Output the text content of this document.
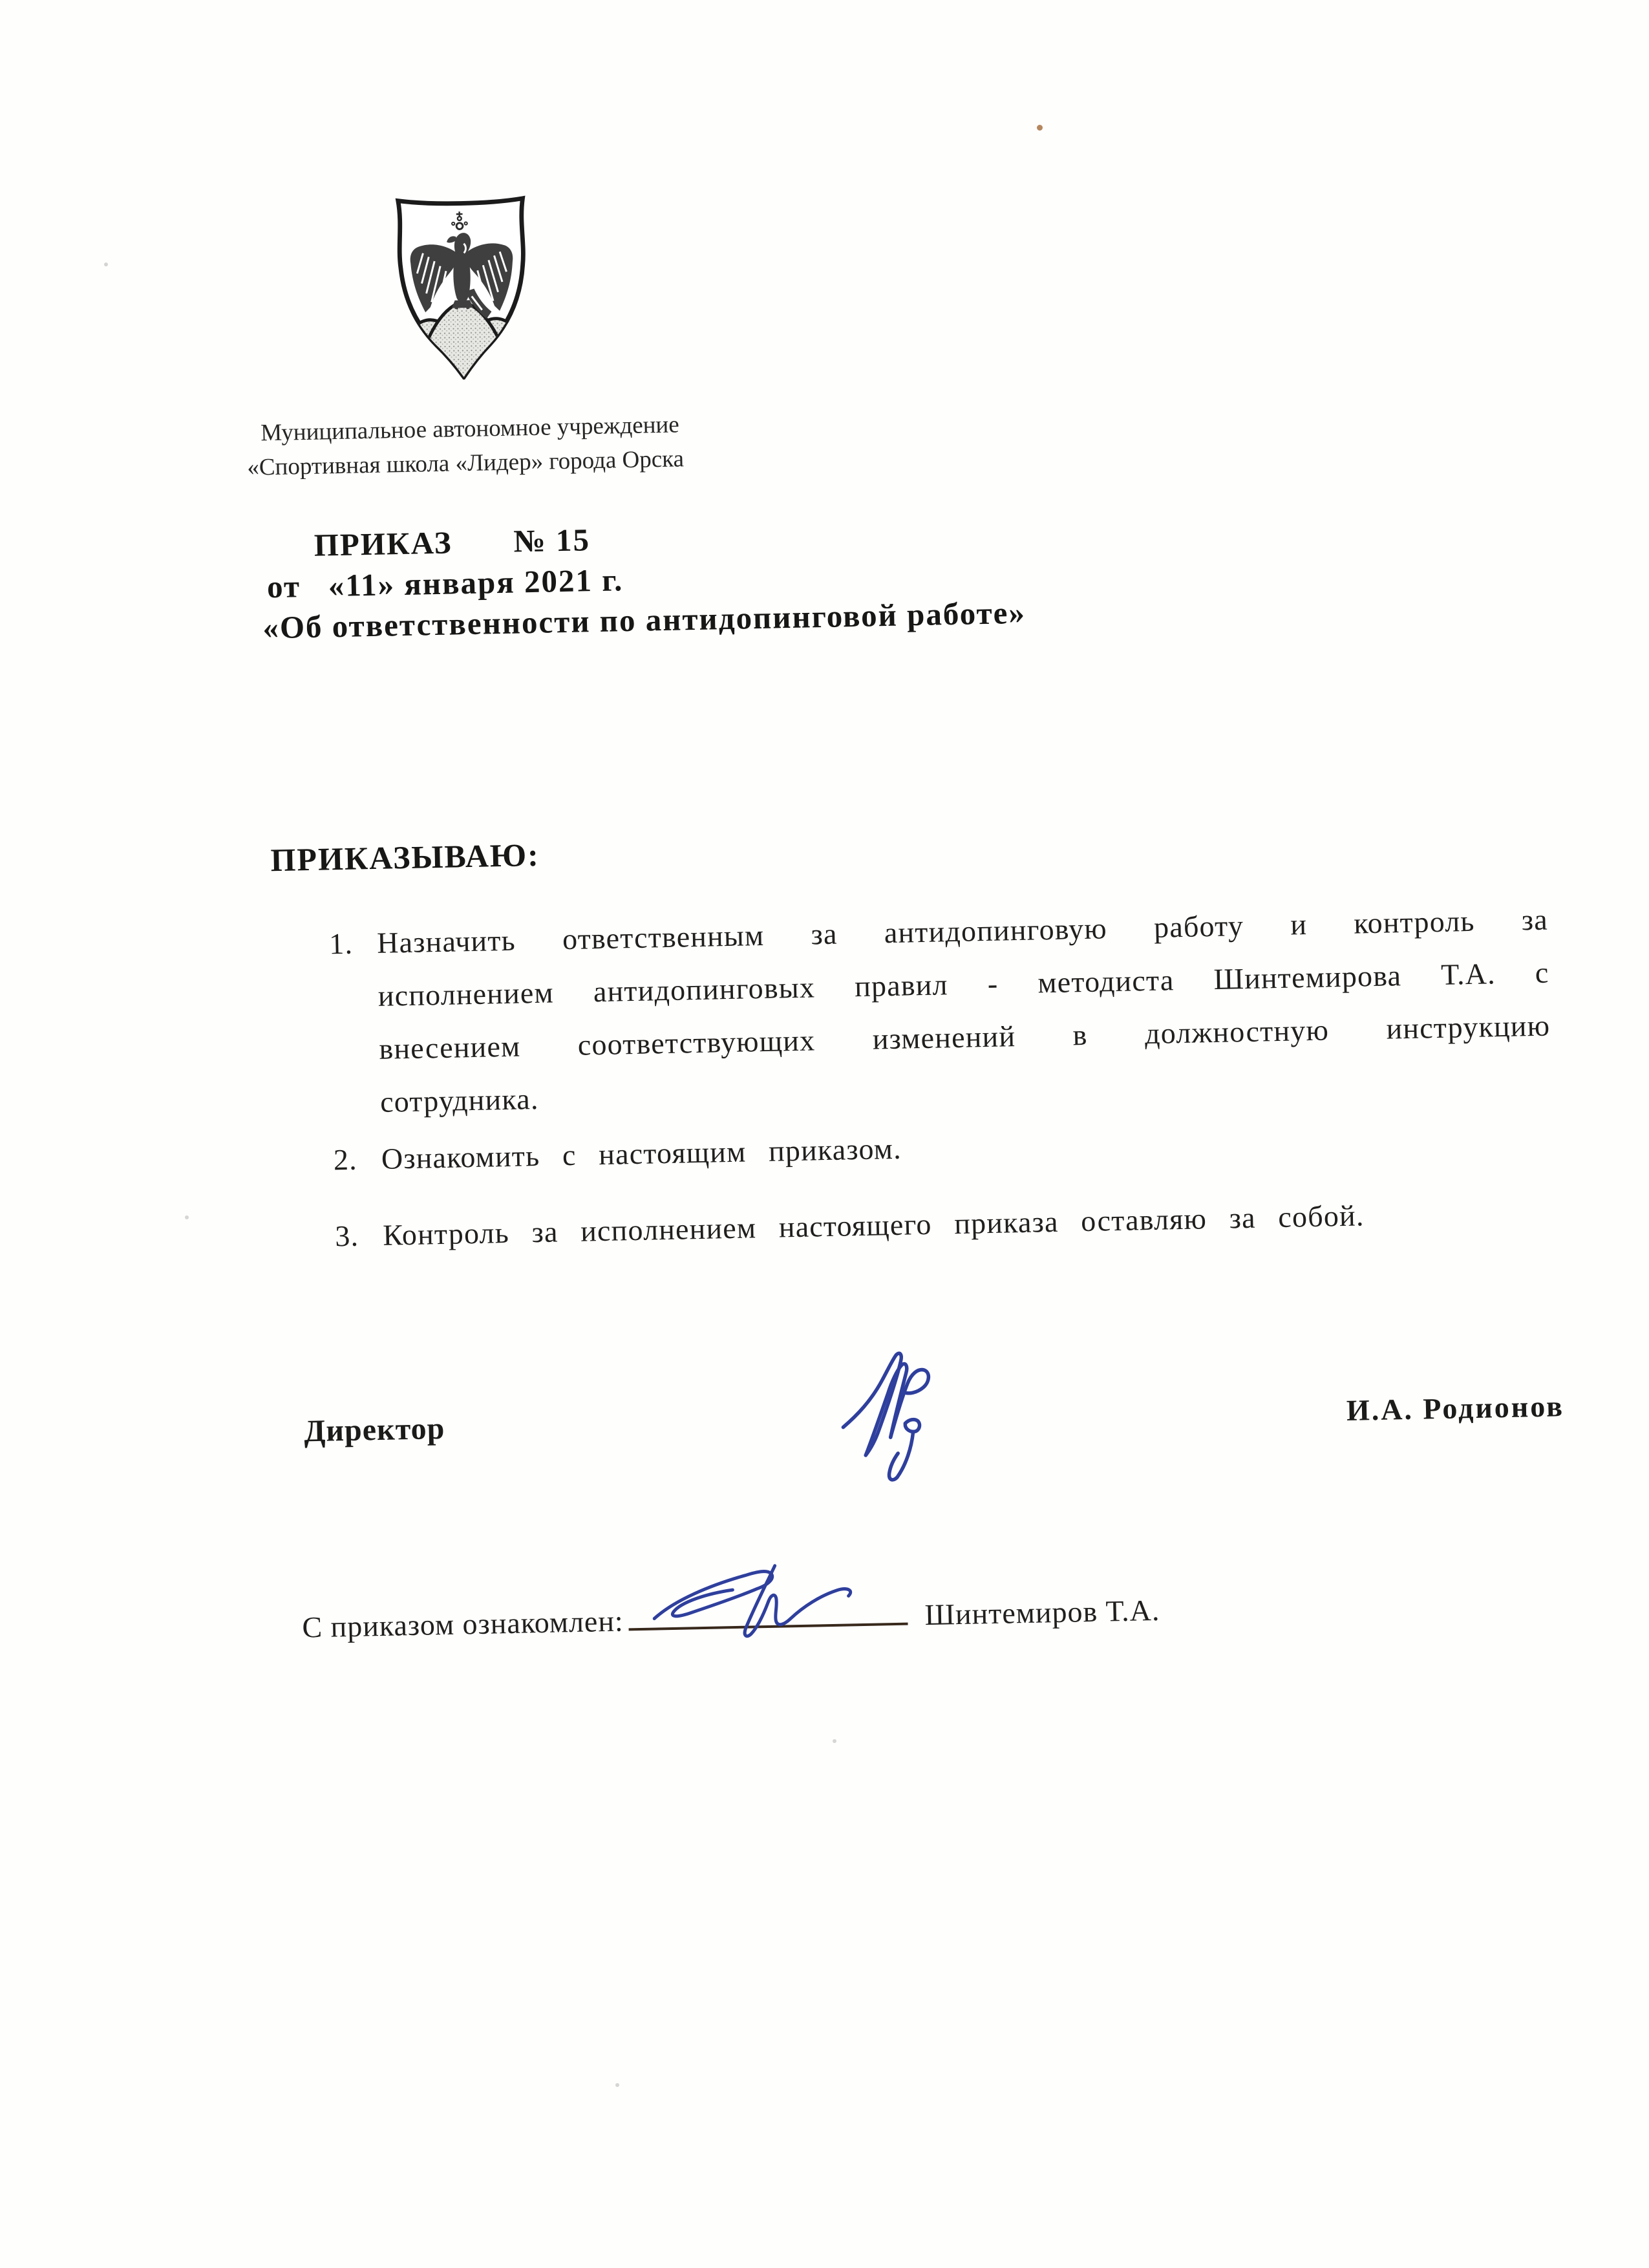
Муниципальное автономное учреждение
«Спортивная школа «Лидер» города Орска
ПРИКАЗ № 15
от   «11» января 2021 г.
«Об ответственности по антидопинговой работе»
ПРИКАЗЫВАЮ:
1. Назначить ответственным за антидопинговую работу и контроль за исполнением антидопинговых правил - методиста Шинтемирова Т.А. с внесением соответствующих изменений в должностную инструкцию сотрудника.
2. Ознакомить с настоящим приказом.
3. Контроль за исполнением настоящего приказа оставляю за собой.
Директор
И.А. Родионов
С приказом ознакомлен:	Шинтемиров Т.А.
